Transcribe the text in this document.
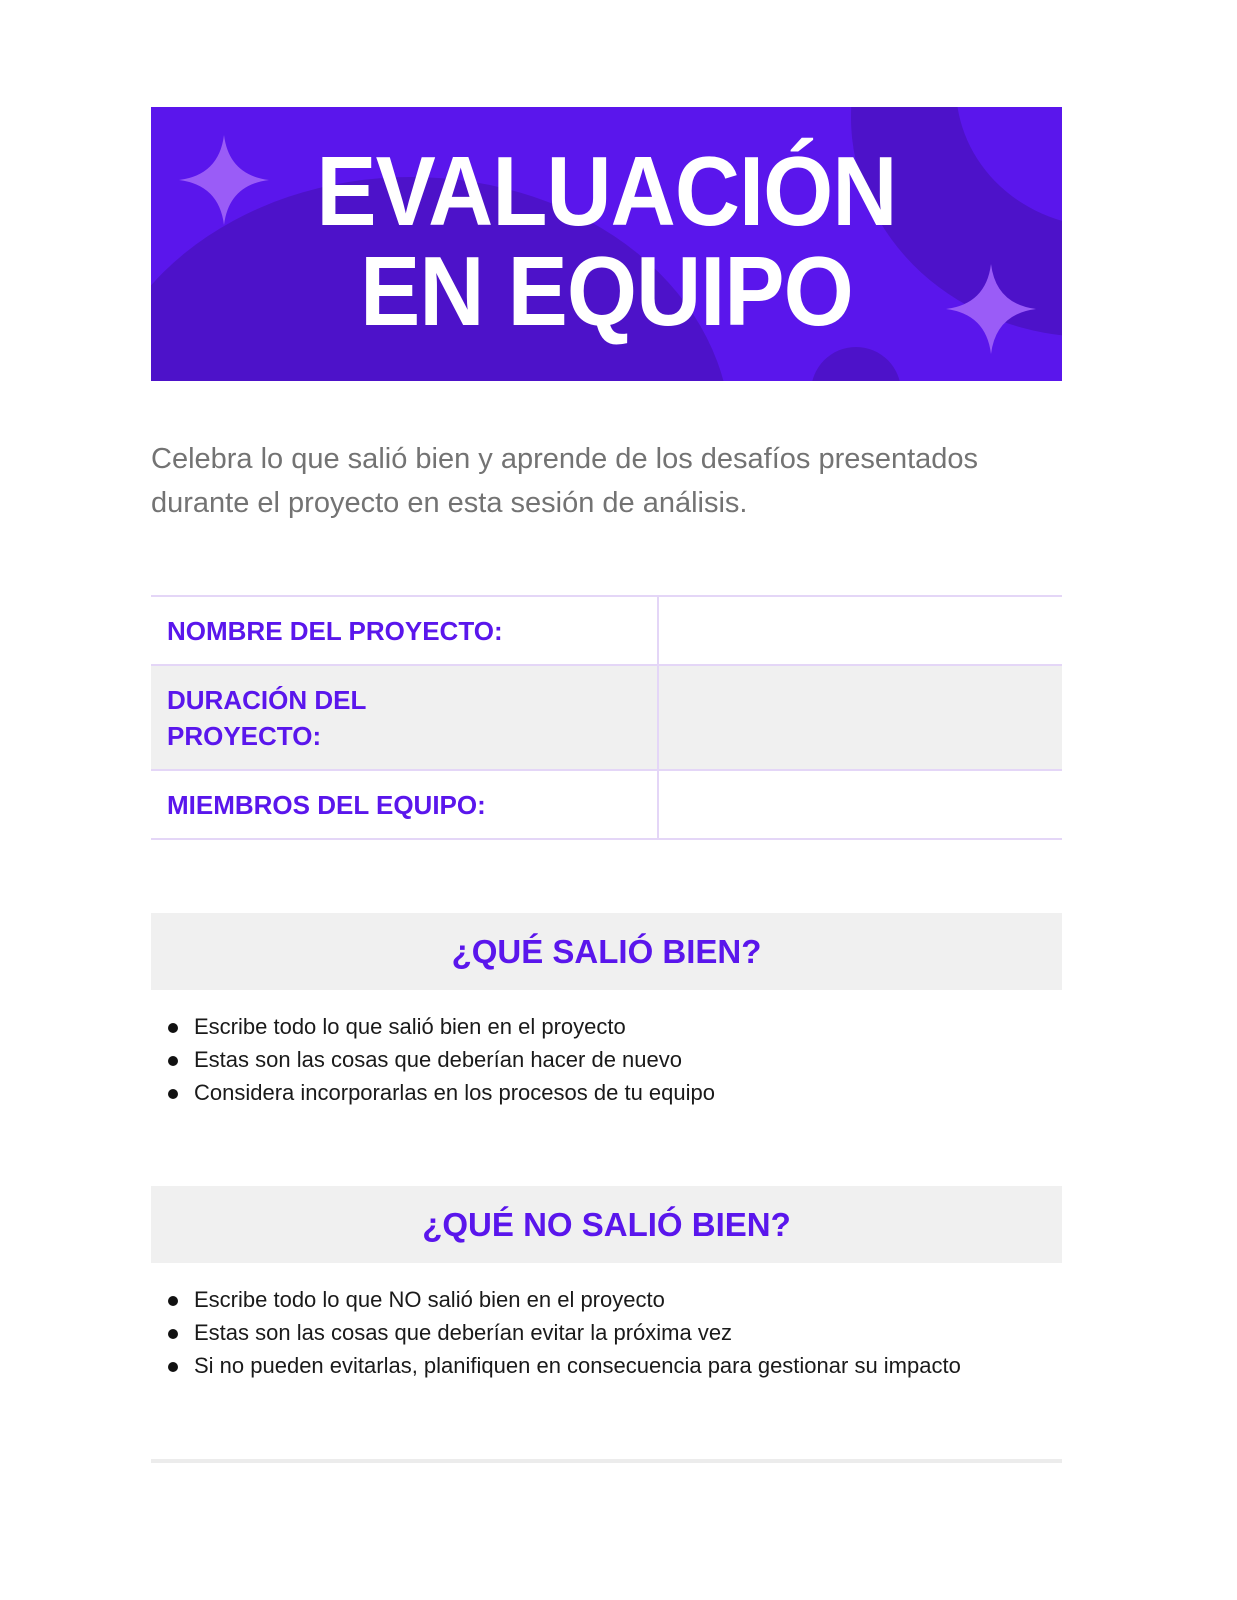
EVALUACIÓN
EN EQUIPO
Celebra lo que salió bien y aprende de los desafíos presentados durante el proyecto en esta sesión de análisis.
NOMBRE DEL PROYECTO:	
DURACIÓN DEL PROYECTO:	
MIEMBROS DEL EQUIPO:	
¿QUÉ SALIÓ BIEN?
Escribe todo lo que salió bien en el proyecto
Estas son las cosas que deberían hacer de nuevo
Considera incorporarlas en los procesos de tu equipo
¿QUÉ NO SALIÓ BIEN?
Escribe todo lo que NO salió bien en el proyecto
Estas son las cosas que deberían evitar la próxima vez
Si no pueden evitarlas, planifiquen en consecuencia para gestionar su impacto
